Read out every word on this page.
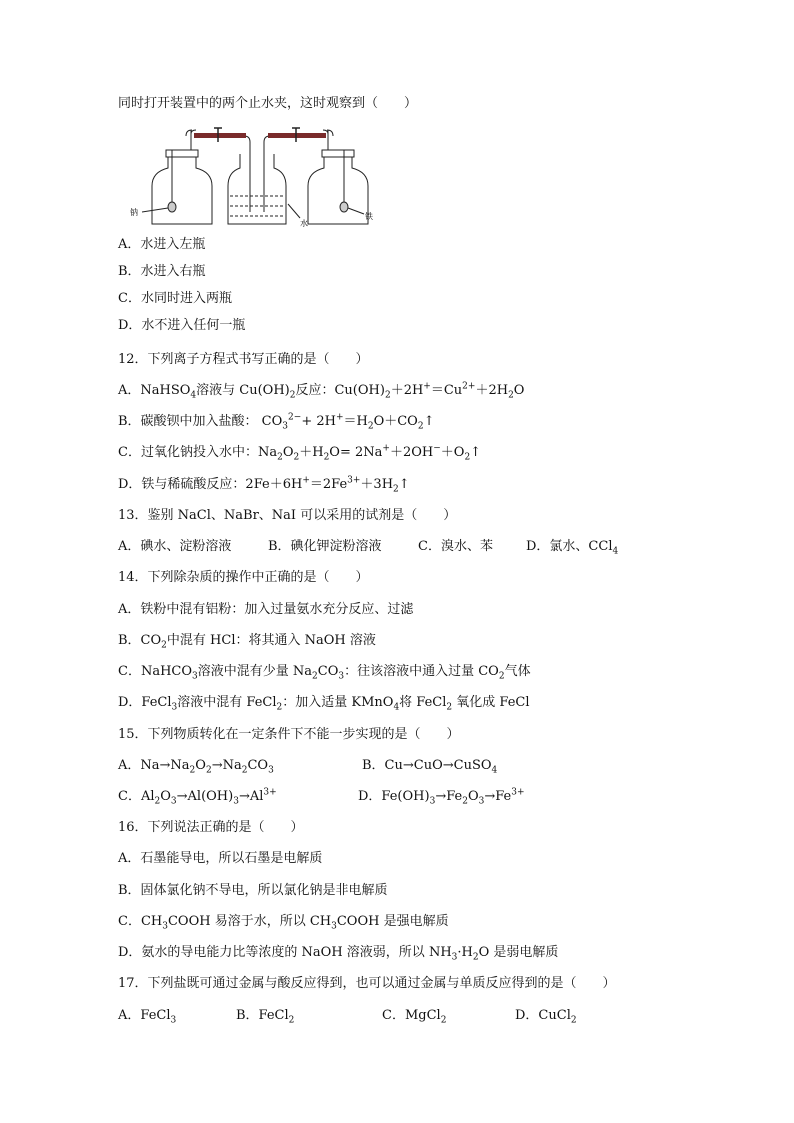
同时打开装置中的两个止水夹，这时观察到（　　）
钠
水
铁
A．水进入左瓶
B．水进入右瓶
C．水同时进入两瓶
D．水不进入任何一瓶
12．下列离子方程式书写正确的是（　　）
A．NaHSO$_4$溶液与 $Cu(OH)_2$反应：$Cu(OH)_2+2H^+=Cu^{2+}+2H_2O$
B．碳酸钡中加入盐酸： $CO_3^{2-}+$ $2H^+=H_2O+CO_2↑$
C．过氧化钠投入水中：$Na_2O_2+H_2O=$ $2Na^++2OH^-+O_2↑$
D．铁与稀硫酸反应：$2Fe+6H^+=2Fe^{3+}+3H_2↑$
13．鉴别 NaCl、NaBr、NaI 可以采用的试剂是（　　）
A．碘水、淀粉溶液	B．碘化钾淀粉溶液	C．溴水、苯	D．氯水、CCl$_4$
14．下列除杂质的操作中正确的是（　　）
A．铁粉中混有铝粉：加入过量氨水充分反应、过滤
B．$CO_2$中混有 HCl：将其通入 NaOH 溶液
C．NaHCO$_3$溶液中混有少量 $Na_2CO_3$：往该溶液中通入过量 $CO_2$气体
D．FeCl$_3$溶液中混有 FeCl$_2$：加入适量 KMnO$_4$将 FeCl$_2$ 氧化成 FeCl
15．下列物质转化在一定条件下不能一步实现的是（　　）
A．$Na\to Na_2O_2\to Na_2CO_3$	B．Cu→CuO→CuSO$_4$
C．$Al_2O_3\to Al(OH)_3\to Al^{3+}$	D．$Fe(OH)_3\to Fe_2O_3\to Fe^{3+}$
16．下列说法正确的是（　　）
A．石墨能导电，所以石墨是电解质
B．固体氯化钠不导电，所以氯化钠是非电解质
C．$CH_3COOH$ 易溶于水，所以 $CH_3COOH$ 是强电解质
D．氨水的导电能力比等浓度的 NaOH 溶液弱，所以 $NH_3\cdot H_2O$ 是弱电解质
17．下列盐既可通过金属与酸反应得到，也可以通过金属与单质反应得到的是（　　）
A．FeCl$_3$	B．FeCl$_2$	C．MgCl$_2$	D．CuCl$_2$
